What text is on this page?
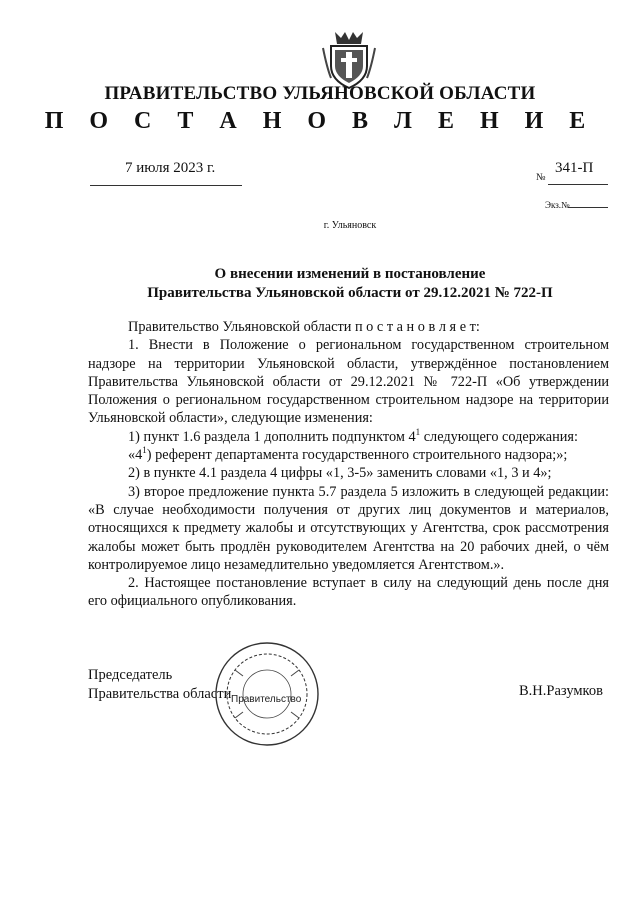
ПРАВИТЕЛЬСТВО УЛЬЯНОВСКОЙ ОБЛАСТИ
П О С Т А Н О В Л Е Н И Е
7 июля 2023 г.
№
341-П
Экз.№
г. Ульяновск
О внесении изменений в постановление
Правительства Ульяновской области от 29.12.2021 № 722-П

Правительство Ульяновской области п о с т а н о в л я е т:

1. Внести в Положение о региональном государственном строительном надзоре на территории Ульяновской области, утверждённое постановлением Правительства Ульяновской области от 29.12.2021 № 722-П «Об утверждении Положения о региональном государственном строительном надзоре на территории Ульяновской области», следующие изменения:

1) пункт 1.6 раздела 1 дополнить подпунктом $4^1$ следующего содержания:

«$4^1$) референт департамента государственного строительного надзора;»;

2) в пункте 4.1 раздела 4 цифры «1, 3-5» заменить словами «1, 3 и 4»;

3) второе предложение пункта 5.7 раздела 5 изложить в следующей редакции: «В случае необходимости получения от других лиц документов и материалов, относящихся к предмету жалобы и отсутствующих у Агентства, срок рассмотрения жалобы может быть продлён руководителем Агентства на 20 рабочих дней, о чём контролируемое лицо незамедлительно уведомляется Агентством.».

2. Настоящее постановление вступает в силу на следующий день после дня его официального опубликования.

Председатель
Правительства области Правительство
В.Н.Разумков
